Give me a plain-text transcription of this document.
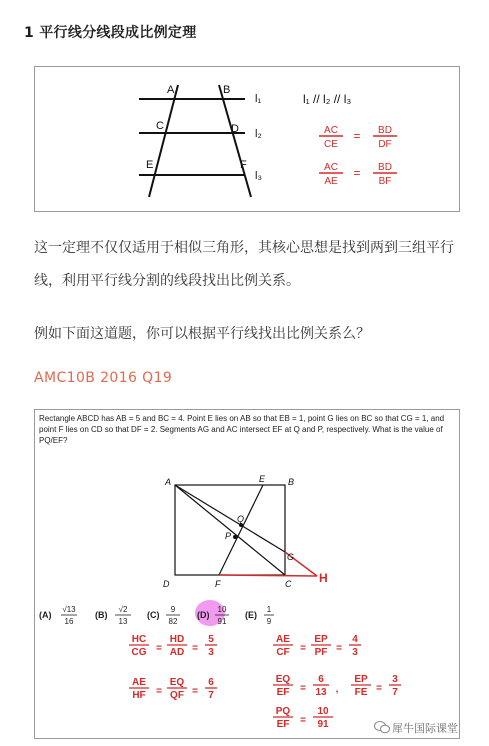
1 平行线分线段成比例定理
A	B
C	D
E	F
l₁
l₂
l₃
l₁ // l₂ // l₃
AC
CE
= BD
DF
AC
AE
= BD
BF
这一定理不仅仅适用于相似三角形，其核心思想是找到两到三组平行线，利用平行线分割的线段找出比例关系。
例如下面这道题，你可以根据平行线找出比例关系么？
AMC10B 2016 Q19
Rectangle ABCD has AB = 5 and BC = 4. Point E lies on AB so that EB = 1, point G lies on BC so that CG = 1, and point F lies on CD so that DF = 2. Segments AG and AC intersect EF at Q and P, respectively. What is the value of PQ/EF?
A	B
C
D
E
F
G
P
Q
H
(A)
√13
16
(B)
√2
13
(C)
9
82
(D)
10
91
(E)
1
9
HC
CG =
HD
AD =
5
3
AE
HF =
EQ
QF =
6
7
AE
CF =
EP
PF =
4
3
EQ
EF =
6
13 ,
EP
FE =
3
7
PQ
EF =
10
91	犀牛国际课堂
